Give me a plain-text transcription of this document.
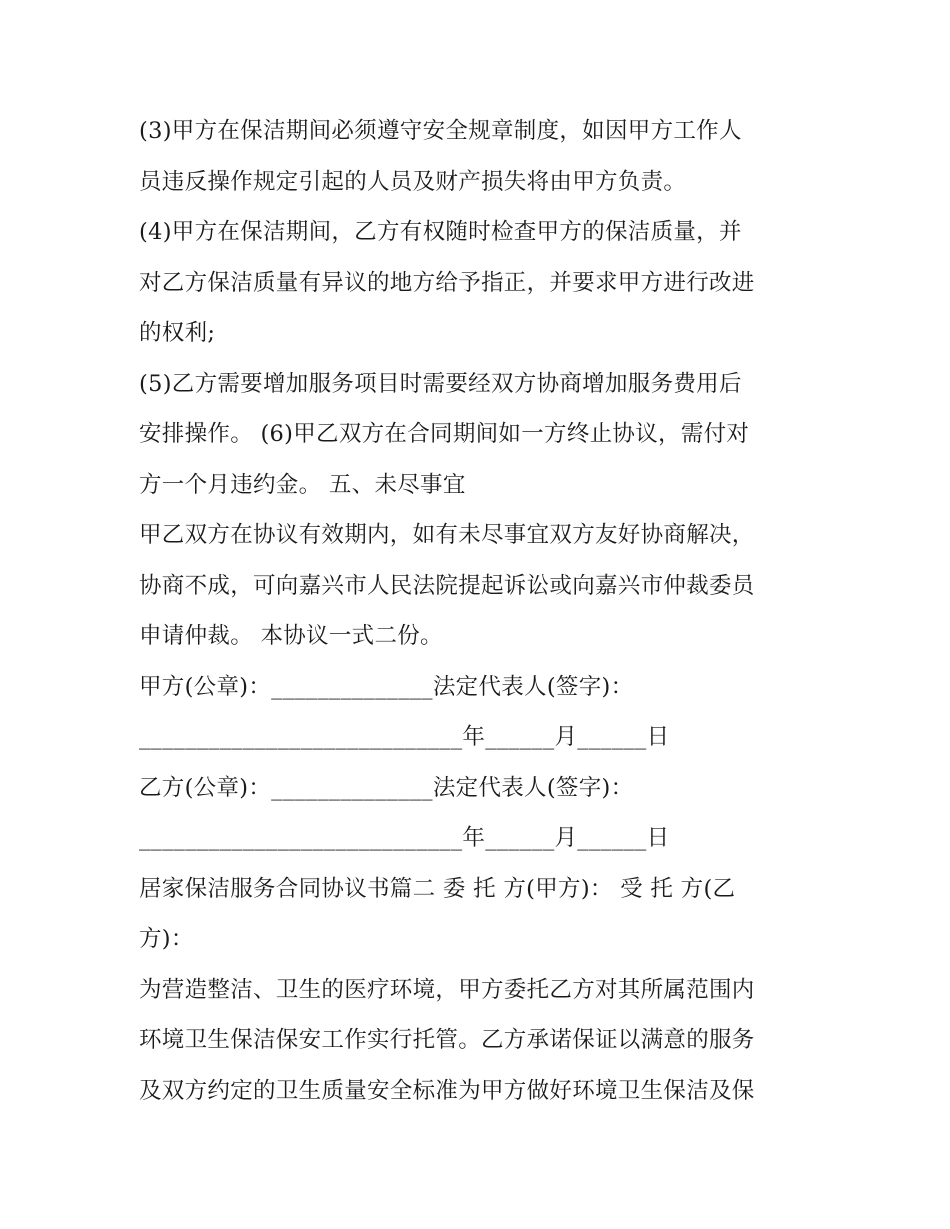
(3)甲方在保洁期间必须遵守安全规章制度，如因甲方工作人
员违反操作规定引起的人员及财产损失将由甲方负责。
(4)甲方在保洁期间，乙方有权随时检查甲方的保洁质量，并
对乙方保洁质量有异议的地方给予指正，并要求甲方进行改进
的权利;
(5)乙方需要增加服务项目时需要经双方协商增加服务费用后
安排操作。 (6)甲乙双方在合同期间如一方终止协议，需付对
方一个月违约金。 五、未尽事宜
甲乙双方在协议有效期内，如有未尽事宜双方友好协商解决，
协商不成，可向嘉兴市人民法院提起诉讼或向嘉兴市仲裁委员
申请仲裁。 本协议一式二份。
甲方(公章)：______________法定代表人(签字)：
____________________________年______月______日
乙方(公章)：______________法定代表人(签字)：
____________________________年______月______日
居家保洁服务合同协议书篇二 委 托 方(甲方)： 受 托 方(乙
方)：
为营造整洁、卫生的医疗环境，甲方委托乙方对其所属范围内
环境卫生保洁保安工作实行托管。乙方承诺保证以满意的服务
及双方约定的卫生质量安全标准为甲方做好环境卫生保洁及保
